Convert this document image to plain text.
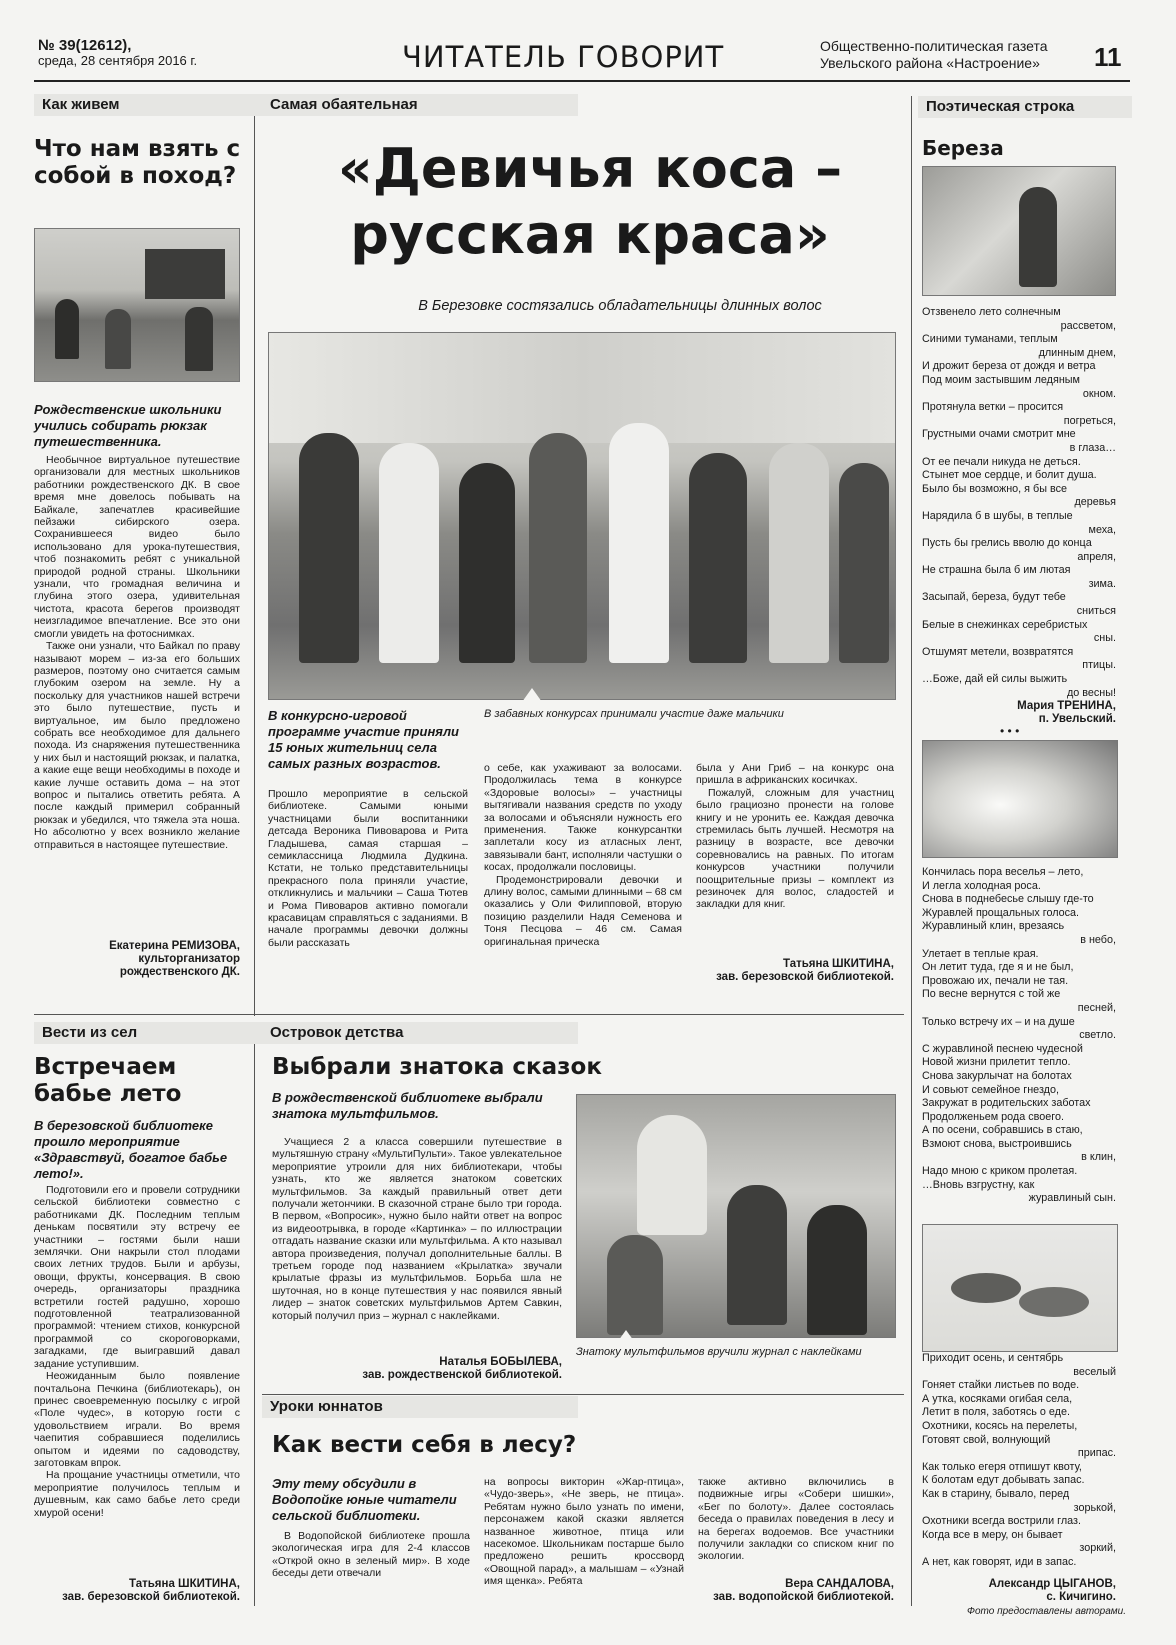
№ 39(12612),
среда, 28 сентября 2016 г.	ЧИТАТЕЛЬ ГОВОРИТ	Общественно-политическая газета
Увельского района «Настроение» 11
Как живем
Что нам взять с собой в поход?
Рождественские школьники учились собирать рюкзак путешественника.

Необычное виртуальное путешествие организовали для местных школьников работники рождественского ДК. В свое время мне довелось побывать на Байкале, запечатлев красивейшие пейзажи сибирского озера. Сохранившееся видео было использовано для урока-путешествия, чтоб познакомить ребят с уникальной природой родной страны. Школьники узнали, что громадная величина и глубина этого озера, удивительная чистота, красота берегов производят неизгладимое впечатление. Все это они смогли увидеть на фотоснимках.

Также они узнали, что Байкал по праву называют морем – из-за его больших размеров, поэтому оно считается самым глубоким озером на земле. Ну а поскольку для участников нашей встречи это было путешествие, пусть и виртуальное, им было предложено собрать все необходимое для дальнего похода. Из снаряжения путешественника у них был и настоящий рюкзак, и палатка, а какие еще вещи необходимы в походе и какие лучше оставить дома – на этот вопрос и пытались ответить ребята. А после каждый примерил собранный рюкзак и убедился, что тяжела эта ноша. Но абсолютно у всех возникло желание отправиться в настоящее путешествие.

Екатерина РЕМИЗОВА,
культорганизатор
рождественского ДК.
Самая обаятельная
«Девичья коса –
русская краса»
В Березовке состязались обладательницы длинных волос
В конкурсно-игровой программе участие приняли 15 юных жительниц села самых разных возрастов.
В забавных конкурсах принимали участие даже мальчики

Прошло мероприятие в сельской библиотеке. Самыми юными участницами были воспитанники детсада Вероника Пивоварова и Рита Гладышева, самая старшая – семиклассница Людмила Дудкина. Кстати, не только представительницы прекрасного пола приняли участие, откликнулись и мальчики – Саша Тютев и Рома Пивоваров активно помогали красавицам справляться с заданиями. В начале программы девочки должны были рассказать

о себе, как ухаживают за волосами. Продолжилась тема в конкурсе «Здоровые волосы» – участницы вытягивали названия средств по уходу за волосами и объясняли нужность его применения. Также конкурсантки заплетали косу из атласных лент, завязывали бант, исполняли частушки о косах, продолжали пословицы.

Продемонстрировали девочки и длину волос, самыми длинными – 68 см оказались у Оли Филипповой, вторую позицию разделили Надя Семенова и Тоня Песцова – 46 см. Самая оригинальная прическа

была у Ани Гриб – на конкурс она пришла в африканских косичках.

Пожалуй, сложным для участниц было грациозно пронести на голове книгу и не уронить ее. Каждая девочка стремилась быть лучшей. Несмотря на разницу в возрасте, все девочки соревновались на равных. По итогам конкурсов участники получили поощрительные призы – комплект из резиночек для волос, сладостей и закладки для книг.

Татьяна ШКИТИНА,
зав. березовской библиотекой.
Поэтическая строка
Береза
Отзвенело лето солнечным
рассветом,
Синими туманами, теплым
длинным днем,
И дрожит береза от дождя и ветра
Под моим застывшим ледяным
окном.
Протянула ветки – просится
погреться,
Грустными очами смотрит мне
в глаза…
От ее печали никуда не деться.
Стынет мое сердце, и болит душа.
Было бы возможно, я бы все
деревья
Нарядила б в шубы, в теплые
меха,
Пусть бы грелись вволю до конца
апреля,
Не страшна была б им лютая
зима.
Засыпай, береза, будут тебе
сниться
Белые в снежинках серебристых
сны.
Отшумят метели, возвратятся
птицы.
…Боже, дай ей силы выжить
до весны!
Мария ТРЕНИНА,
п. Увельский.
• • •
Кончилась пора веселья – лето,
И легла холодная роса.
Снова в поднебесье слышу где-то
Журавлей прощальных голоса.
Журавлиный клин, врезаясь
в небо,
Улетает в теплые края.
Он летит туда, где я и не был,
Провожаю их, печали не тая.
По весне вернутся с той же
песней,
Только встречу их – и на душе
светло.
С журавлиной песнею чудесной
Новой жизни прилетит тепло.
Снова закурлычат на болотах
И совьют семейное гнездо,
Закружат в родительских заботах
Продолженьем рода своего.
А по осени, собравшись в стаю,
Взмоют снова, выстроившись
в клин,
Надо мною с криком пролетая.
…Вновь взгрустну, как
журавлиный сын.
Приходит осень, и сентябрь
веселый
Гоняет стайки листьев по воде.
А утка, косяками огибая села,
Летит в поля, заботясь о еде.
Охотники, косясь на перелеты,
Готовят свой, волнующий
припас.
Как только егеря отпишут квоту,
К болотам едут добывать запас.
Как в старину, бывало, перед
зорькой,
Охотники всегда вострили глаз.
Когда все в меру, он бывает
зоркий,
А нет, как говорят, иди в запас.
Александр ЦЫГАНОВ,
с. Кичигино.
Вести из сел
Встречаем бабье лето
В березовской библиотеке прошло мероприятие «Здравствуй, богатое бабье лето!».

Подготовили его и провели сотрудники сельской библиотеки совместно с работниками ДК. Последним теплым денькам посвятили эту встречу ее участники – гостями были наши землячки. Они накрыли стол плодами своих летних трудов. Были и арбузы, овощи, фрукты, консервация. В свою очередь, организаторы праздника встретили гостей радушно, хорошо подготовленной театрализованной программой: чтением стихов, конкурсной программой со скороговорками, загадками, где выигравший давал задание уступившим.

Неожиданным было появление почтальона Печкина (библиотекарь), он принес своевременную посылку с игрой «Поле чудес», в которую гости с удовольствием играли. Во время чаепития собравшиеся поделились опытом и идеями по садоводству, заготовкам впрок.

На прощание участницы отметили, что мероприятие получилось теплым и душевным, как само бабье лето среди хмурой осени!

Татьяна ШКИТИНА,
зав. березовской библиотекой.
Островок детства
Выбрали знатока сказок
В рождественской библиотеке выбрали знатока мультфильмов.

Учащиеся 2 а класса совершили путешествие в мультяшную страну «МультиПульти». Такое увлекательное мероприятие утроили для них библиотекари, чтобы узнать, кто же является знатоком советских мультфильмов. За каждый правильный ответ дети получали жетончики. В сказочной стране было три города. В первом, «Вопросик», нужно было найти ответ на вопрос из видеоотрывка, в городе «Картинка» – по иллюстрации отгадать название сказки или мультфильма. А кто называл автора произведения, получал дополнительные баллы. В третьем городе под названием «Крылатка» звучали крылатые фразы из мультфильмов. Борьба шла не шуточная, но в конце путешествия у нас появился явный лидер – знаток советских мультфильмов Артем Савкин, который получил приз – журнал с наклейками.

Наталья БОБЫЛЕВА,
зав. рождественской библиотекой.
Знатоку мультфильмов вручили журнал с наклейками
Уроки юннатов
Как вести себя в лесу?
Эту тему обсудили в Водопойке юные читатели сельской библиотеки.

В Водопойской библиотеке прошла экологическая игра для 2-4 классов «Открой окно в зеленый мир». В ходе беседы дети отвечали

на вопросы викторин «Жар-птица», «Чудо-зверь», «Не зверь, не птица». Ребятам нужно было узнать по имени, персонажем какой сказки является названное животное, птица или насекомое. Школьникам постарше было предложено решить кроссворд «Овощной парад», а малышам – «Узнай имя щенка». Ребята

также активно включились в подвижные игры «Собери шишки», «Бег по болоту». Далее состоялась беседа о правилах поведения в лесу и на берегах водоемов. Все участники получили закладки со списком книг по экологии.

Вера САНДАЛОВА,
зав. водопойской библиотекой.
Фото предоставлены авторами.
